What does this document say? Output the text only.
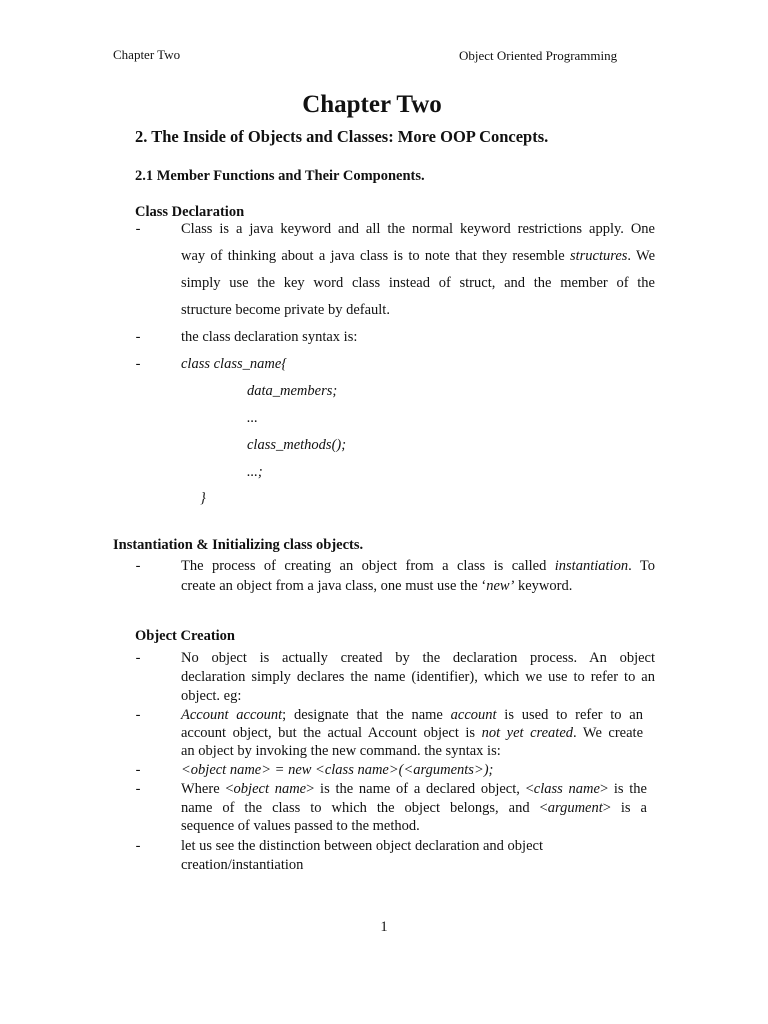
Chapter Two	Object Oriented Programming
Chapter Two
2. The Inside of Objects and Classes: More OOP Concepts.
2.1 Member Functions and Their Components.
Class Declaration
-	Class is a java keyword and all the normal keyword restrictions apply. One
way of thinking about a java class is to note that they resemble structures. We
simply use the key word class instead of struct, and the member of the
structure become private by default.
-	the class declaration syntax is:
-	class class_name{
data_members;
...
class_methods();
...;
}
Instantiation & Initializing class objects.
-	The process of creating an object from a class is called instantiation. To
create an object from a java class, one must use the ‘new’ keyword.
Object Creation
-	No object is actually created by the declaration process. An object
declaration simply declares the name (identifier), which we use to refer to an
object. eg:
-	Account account; designate that the name account is used to refer to an
account object, but the actual Account object is not yet created. We create
an object by invoking the new command. the syntax is:
-	<object name> = new <class name>(<arguments>);
-	Where <object name> is the name of a declared object, <class name> is the
name of the class to which the object belongs, and <argument> is a
sequence of values passed to the method.
-	let us see the distinction between object declaration and object
creation/instantiation
1
